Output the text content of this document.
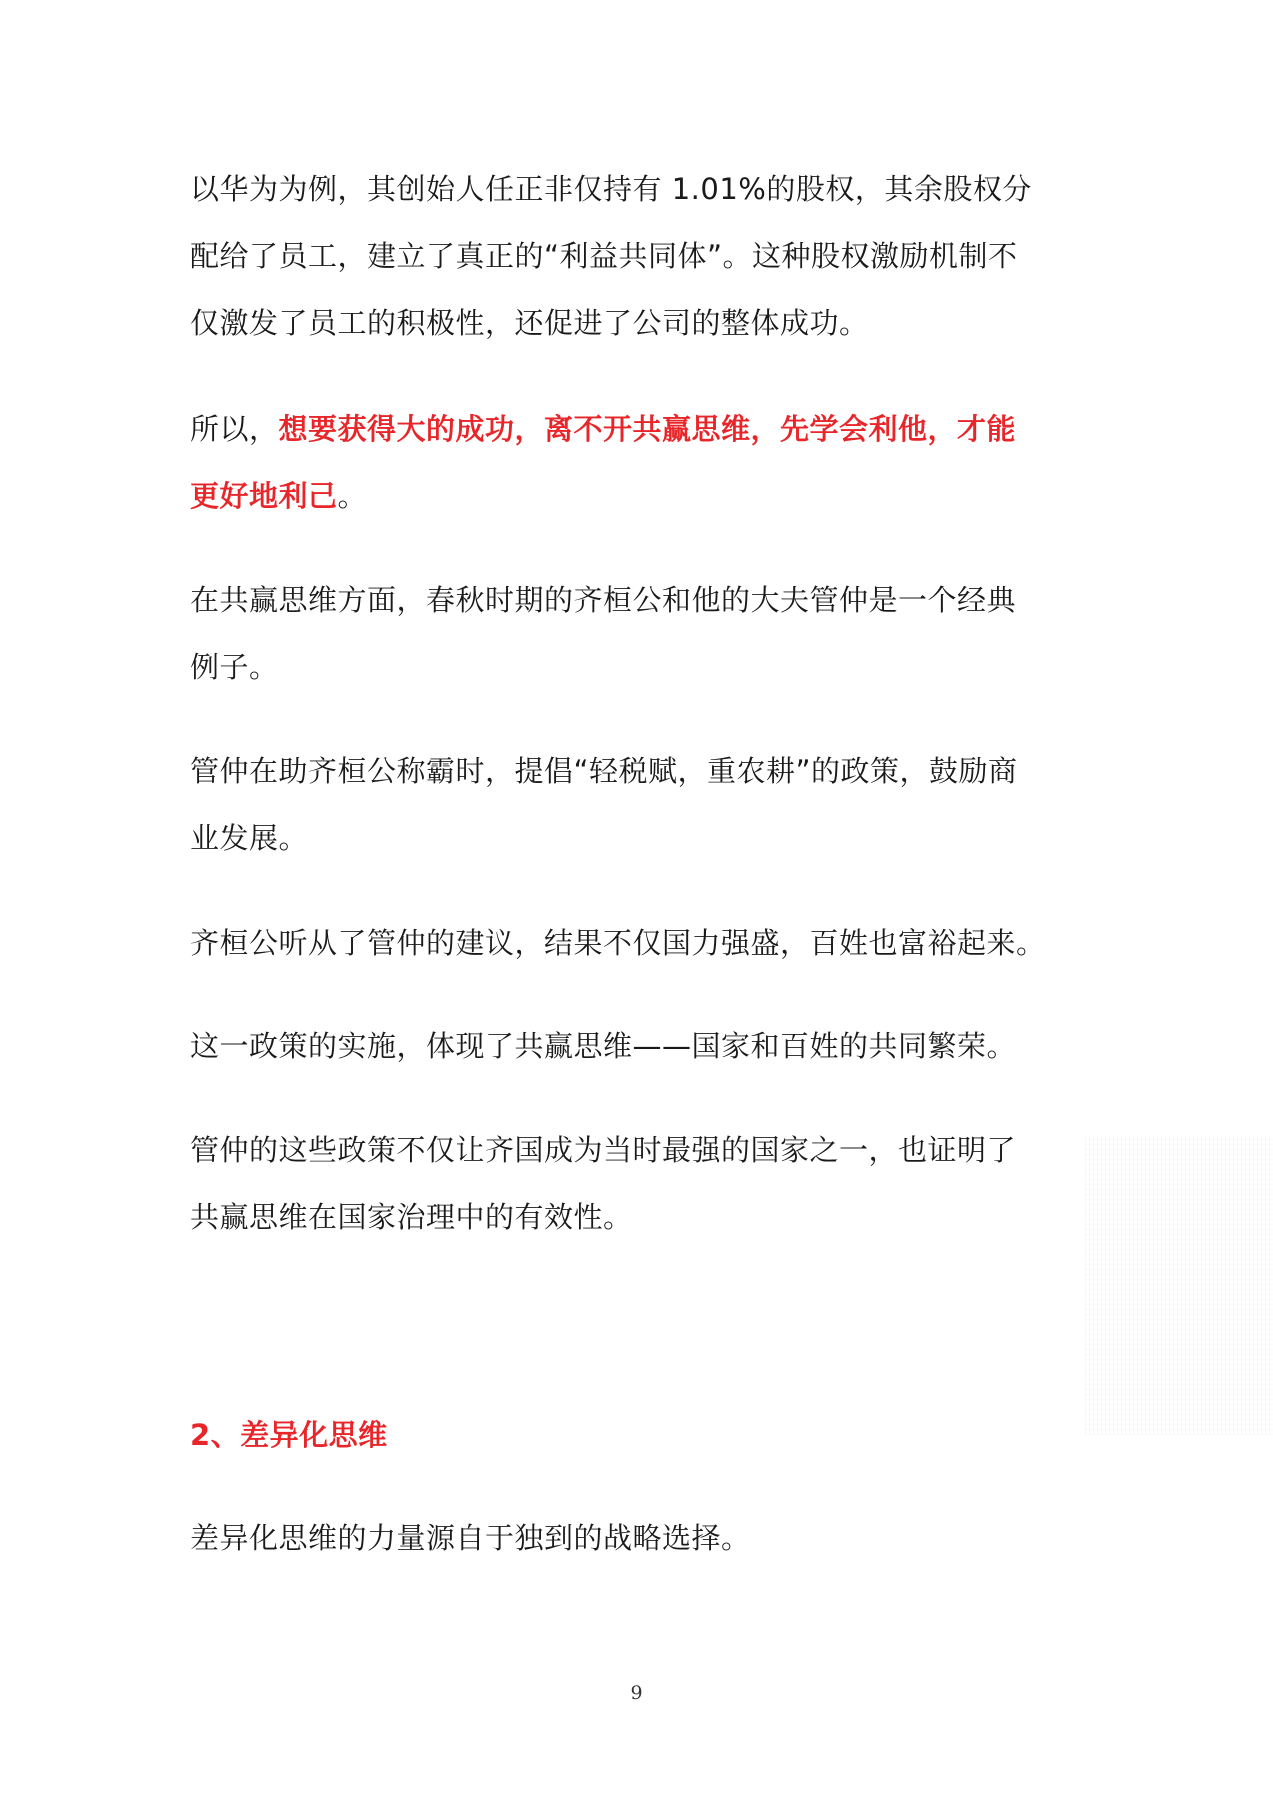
以华为为例，其创始人任正非仅持有 1.01%的股权，其余股权分
配给了员工，建立了真正的“利益共同体”。这种股权激励机制不
仅激发了员工的积极性，还促进了公司的整体成功。
所以，想要获得大的成功，离不开共赢思维，先学会利他，才能
更好地利己。
在共赢思维方面，春秋时期的齐桓公和他的大夫管仲是一个经典
例子。
管仲在助齐桓公称霸时，提倡“轻税赋，重农耕”的政策，鼓励商
业发展。
齐桓公听从了管仲的建议，结果不仅国力强盛，百姓也富裕起来。
这一政策的实施，体现了共赢思维——国家和百姓的共同繁荣。
管仲的这些政策不仅让齐国成为当时最强的国家之一，也证明了
共赢思维在国家治理中的有效性。
2、差异化思维
差异化思维的力量源自于独到的战略选择。
9
